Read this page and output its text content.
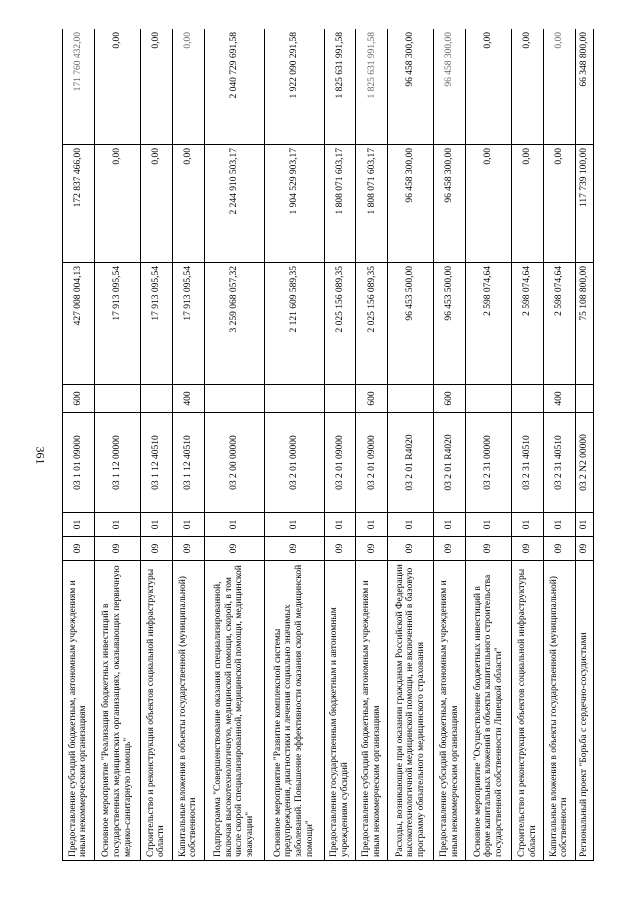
361
Предоставление субсидий бюджетным, автономным учреждениям и иным некоммерческим организациям	09	01	03 1 01 09000	600	427 008 004,13	172 837 466,00	171 760 432,00
Основное мероприятие "Реализация бюджетных инвестиций в государственных медицинских организациях, оказывающих первичную медико-санитарную помощь"	09	01	03 1 12 00000		17 913 095,54	0,00	0,00
Строительство и реконструкция объектов социальной инфраструктуры области	09	01	03 1 12 40510		17 913 095,54	0,00	0,00
Капитальные вложения в объекты государственной (муниципальной) собственности	09	01	03 1 12 40510	400	17 913 095,54	0,00	0,00
Подпрограмма "Совершенствование оказания специализированной, включая высокотехнологичную, медицинской помощи, скорой, в том числе скорой специализированной, медицинской помощи, медицинской эвакуации"	09	01	03 2 00 00000		3 259 068 057,32	2 244 910 503,17	2 040 729 691,58
Основное мероприятие "Развитие комплексной системы предупреждения, диагностики и лечения социально значимых заболеваний. Повышение эффективности оказания скорой медицинской помощи"	09	01	03 2 01 00000		2 121 609 589,35	1 904 529 903,17	1 922 090 291,58
Предоставление государственным бюджетным и автономным учреждениям субсидий	09	01	03 2 01 09000		2 025 156 089,35	1 808 071 603,17	1 825 631 991,58
Предоставление субсидий бюджетным, автономным учреждениям и иным некоммерческим организациям	09	01	03 2 01 09000	600	2 025 156 089,35	1 808 071 603,17	1 825 631 991,58
Расходы, возникающие при оказании гражданам Российской Федерации высокотехнологичной медицинской помощи, не включенной в базовую программу обязательного медицинского страхования	09	01	03 2 01 R4020		96 453 500,00	96 458 300,00	96 458 300,00
Предоставление субсидий бюджетным, автономным учреждениям и иным некоммерческим организациям	09	01	03 2 01 R4020	600	96 453 500,00	96 458 300,00	96 458 300,00
Основное мероприятие "Осуществление бюджетных инвестиций в форме капитальных вложений в объекты капитального строительства государственной собственности Липецкой области"	09	01	03 2 31 00000		2 598 074,64	0,00	0,00
Строительство и реконструкция объектов социальной инфраструктуры области	09	01	03 2 31 40510		2 598 074,64	0,00	0,00
Капитальные вложения в объекты государственной (муниципальной) собственности	09	01	03 2 31 40510	400	2 598 074,64	0,00	0,00
Региональный проект "Борьба с сердечно-сосудистыми	09	01	03 2 N2 00000		75 108 800,00	117 739 100,00	66 348 800,00
